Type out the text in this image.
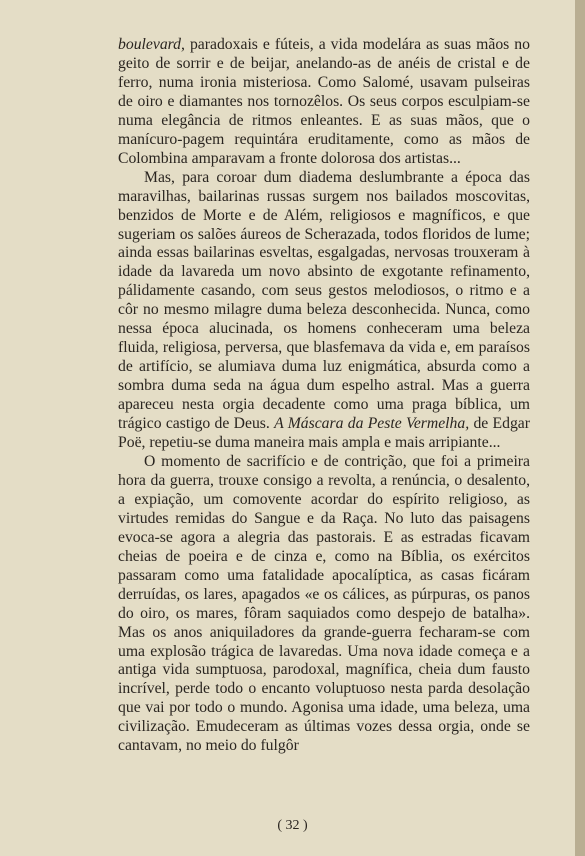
boulevard, paradoxais e fúteis, a vida modelára as suas mãos no geito de sorrir e de beijar, anelando-as de anéis de cristal e de ferro, numa ironia misteriosa. Como Salomé, usavam pulseiras de oiro e diamantes nos tornozêlos. Os seus corpos esculpiam-se numa elegância de ritmos enleantes. E as suas mãos, que o manícuro-pagem requintára eruditamente, como as mãos de Colombina amparavam a fronte dolorosa dos artistas...

Mas, para coroar dum diadema deslumbrante a época das maravilhas, bailarinas russas surgem nos bailados moscovitas, benzidos de Morte e de Além, religiosos e magníficos, e que sugeriam os salões áureos de Scherazada, todos floridos de lume; ainda essas bailarinas esveltas, esgalgadas, nervosas trouxeram à idade da lavareda um novo absinto de exgotante refinamento, pálidamente casando, com seus gestos melodiosos, o ritmo e a côr no mesmo milagre duma beleza desconhecida. Nunca, como nessa época alucinada, os homens conheceram uma beleza fluida, religiosa, perversa, que blasfemava da vida e, em paraísos de artifício, se alumiava duma luz enigmática, absurda como a sombra duma seda na água dum espelho astral. Mas a guerra apareceu nesta orgia decadente como uma praga bíblica, um trágico castigo de Deus. A Máscara da Peste Vermelha, de Edgar Poë, repetiu-se duma maneira mais ampla e mais arripiante...

O momento de sacrifício e de contrição, que foi a primeira hora da guerra, trouxe consigo a revolta, a renúncia, o desalento, a expiação, um comovente acordar do espírito religioso, as virtudes remidas do Sangue e da Raça. No luto das paisagens evoca-se agora a alegria das pastorais. E as estradas ficavam cheias de poeira e de cinza e, como na Bíblia, os exércitos passaram como uma fatalidade apocalíptica, as casas ficáram derruídas, os lares, apagados «e os cálices, as púrpuras, os panos do oiro, os mares, fôram saquiados como despejo de batalha». Mas os anos aniquiladores da grande-guerra fecharam-se com uma explosão trágica de lavaredas. Uma nova idade começa e a antiga vida sumptuosa, parodoxal, magnífica, cheia dum fausto incrível, perde todo o encanto voluptuoso nesta parda desolação que vai por todo o mundo. Agonisa uma idade, uma beleza, uma civilização. Emudeceram as últimas vozes dessa orgia, onde se cantavam, no meio do fulgôr

( 32 )
